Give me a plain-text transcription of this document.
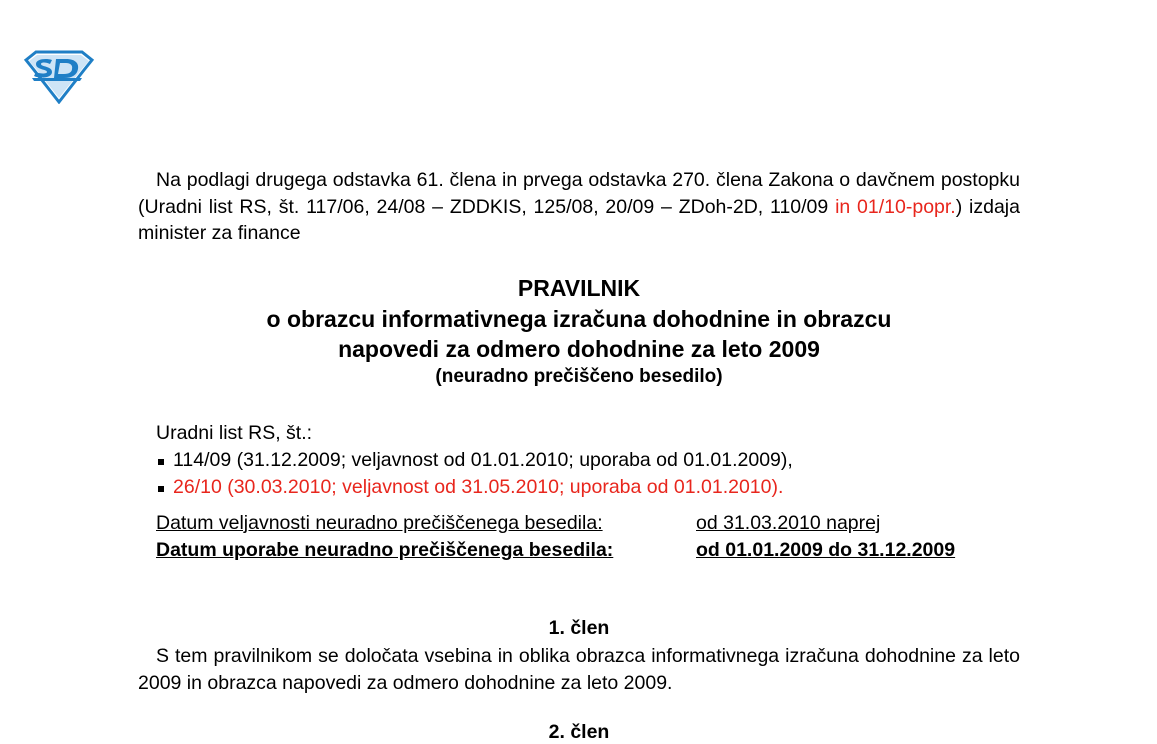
Na podlagi drugega odstavka 61. člena in prvega odstavka 270. člena Zakona o davčnem postopku (Uradni list RS, št. 117/06, 24/08 – ZDDKIS, 125/08, 20/09 – ZDoh-2D, 110/09 in 01/10-popr.) izdaja minister za finance

PRAVILNIK
o obrazcu informativnega izračuna dohodnine in obrazcu
napovedi za odmero dohodnine za leto 2009
(neuradno prečiščeno besedilo)
Uradni list RS, št.:
114/09 (31.12.2009; veljavnost od 01.01.2010; uporaba od 01.01.2009),
26/10 (30.03.2010; veljavnost od 31.05.2010; uporaba od 01.01.2010).
Datum veljavnosti neuradno prečiščenega besedila:	od 31.03.2010 naprej
Datum uporabe neuradno prečiščenega besedila:	od 01.01.2009 do 31.12.2009
1. člen

S tem pravilnikom se določata vsebina in oblika obrazca informativnega izračuna dohodnine za leto 2009 in obrazca napovedi za odmero dohodnine za leto 2009.

2. člen
